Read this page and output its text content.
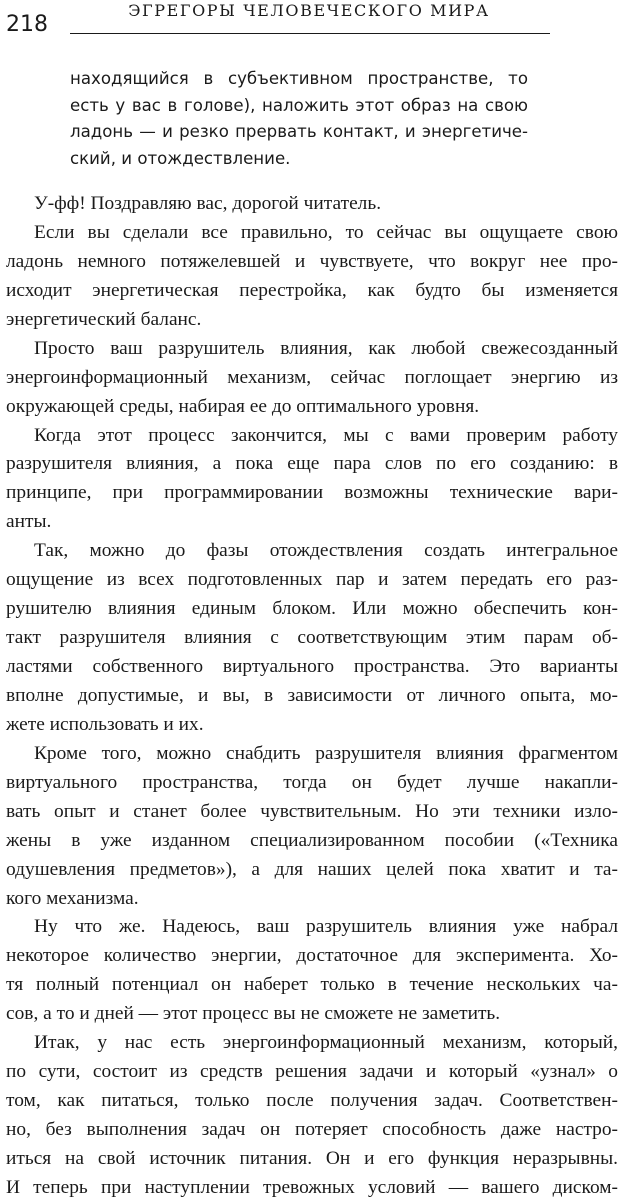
218
ЭГРЕГОРЫ ЧЕЛОВЕЧЕСКОГО МИРА
находящийся в субъективном пространстве, то
есть у вас в голове), наложить этот образ на свою
ладонь — и резко прервать контакт, и энергетиче-
ский, и отождествление.
У-фф! Поздравляю вас, дорогой читатель.
Если вы сделали все правильно, то сейчас вы ощущаете свою
ладонь немного потяжелевшей и чувствуете, что вокруг нее про-
исходит энергетическая перестройка, как будто бы изменяется
энергетический баланс.
Просто ваш разрушитель влияния, как любой свежесозданный
энергоинформационный механизм, сейчас поглощает энергию из
окружающей среды, набирая ее до оптимального уровня.
Когда этот процесс закончится, мы с вами проверим работу
разрушителя влияния, а пока еще пара слов по его созданию: в
принципе, при программировании возможны технические вари-
анты.
Так, можно до фазы отождествления создать интегральное
ощущение из всех подготовленных пар и затем передать его раз-
рушителю влияния единым блоком. Или можно обеспечить кон-
такт разрушителя влияния с соответствующим этим парам об-
ластями собственного виртуального пространства. Это варианты
вполне допустимые, и вы, в зависимости от личного опыта, мо-
жете использовать и их.
Кроме того, можно снабдить разрушителя влияния фрагментом
виртуального пространства, тогда он будет лучше накапли-
вать опыт и станет более чувствительным. Но эти техники изло-
жены в уже изданном специализированном пособии («Техника
одушевления предметов»), а для наших целей пока хватит и та-
кого механизма.
Ну что же. Надеюсь, ваш разрушитель влияния уже набрал
некоторое количество энергии, достаточное для эксперимента. Хо-
тя полный потенциал он наберет только в течение нескольких ча-
сов, а то и дней — этот процесс вы не сможете не заметить.
Итак, у нас есть энергоинформационный механизм, который,
по сути, состоит из средств решения задачи и который «узнал» о
том, как питаться, только после получения задач. Соответствен-
но, без выполнения задач он потеряет способность даже настро-
иться на свой источник питания. Он и его функция неразрывны.
И теперь при наступлении тревожных условий — вашего диском-
